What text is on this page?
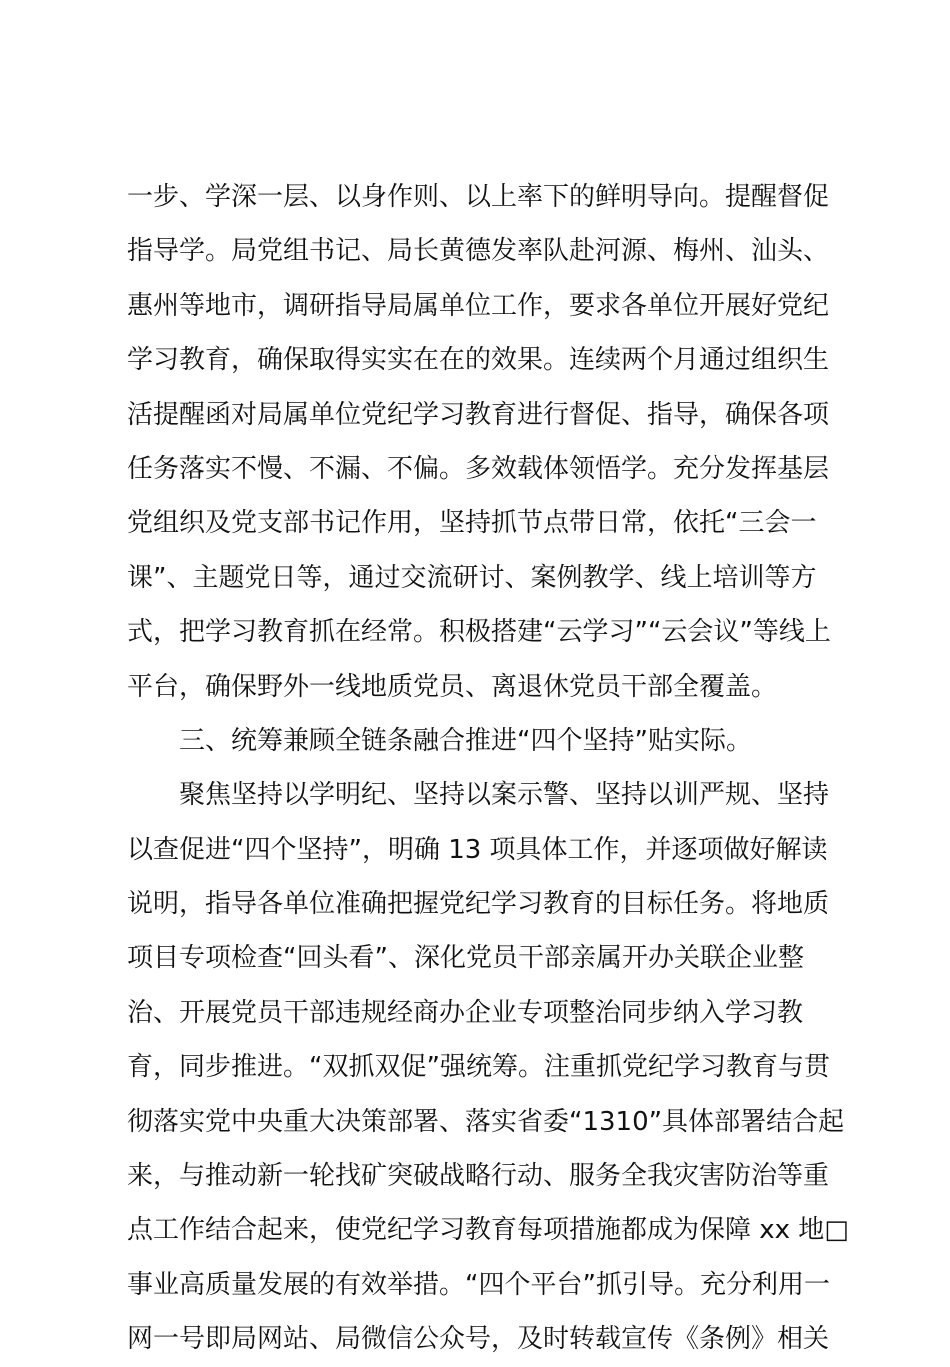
一步、学深一层、以身作则、以上率下的鲜明导向。提醒督促
指导学。局党组书记、局长黄德发率队赴河源、梅州、汕头、
惠州等地市，调研指导局属单位工作，要求各单位开展好党纪
学习教育，确保取得实实在在的效果。连续两个月通过组织生
活提醒函对局属单位党纪学习教育进行督促、指导，确保各项
任务落实不慢、不漏、不偏。多效载体领悟学。充分发挥基层
党组织及党支部书记作用，坚持抓节点带日常，依托“三会一
课”、主题党日等，通过交流研讨、案例教学、线上培训等方
式，把学习教育抓在经常。积极搭建“云学习”“云会议”等线上
平台，确保野外一线地质党员、离退休党员干部全覆盖。
　　三、统筹兼顾全链条融合推进“四个坚持”贴实际。
　　聚焦坚持以学明纪、坚持以案示警、坚持以训严规、坚持
以查促进“四个坚持”，明确 13 项具体工作，并逐项做好解读
说明，指导各单位准确把握党纪学习教育的目标任务。将地质
项目专项检查“回头看”、深化党员干部亲属开办关联企业整
治、开展党员干部违规经商办企业专项整治同步纳入学习教
育，同步推进。“双抓双促”强统筹。注重抓党纪学习教育与贯
彻落实党中央重大决策部署、落实省委“1310”具体部署结合起
来，与推动新一轮找矿突破战略行动、服务全我灾害防治等重
点工作结合起来，使党纪学习教育每项措施都成为保障 xx 地□
事业高质量发展的有效举措。“四个平台”抓引导。充分利用一
网一号即局网站、局微信公众号，及时转载宣传《条例》相关
